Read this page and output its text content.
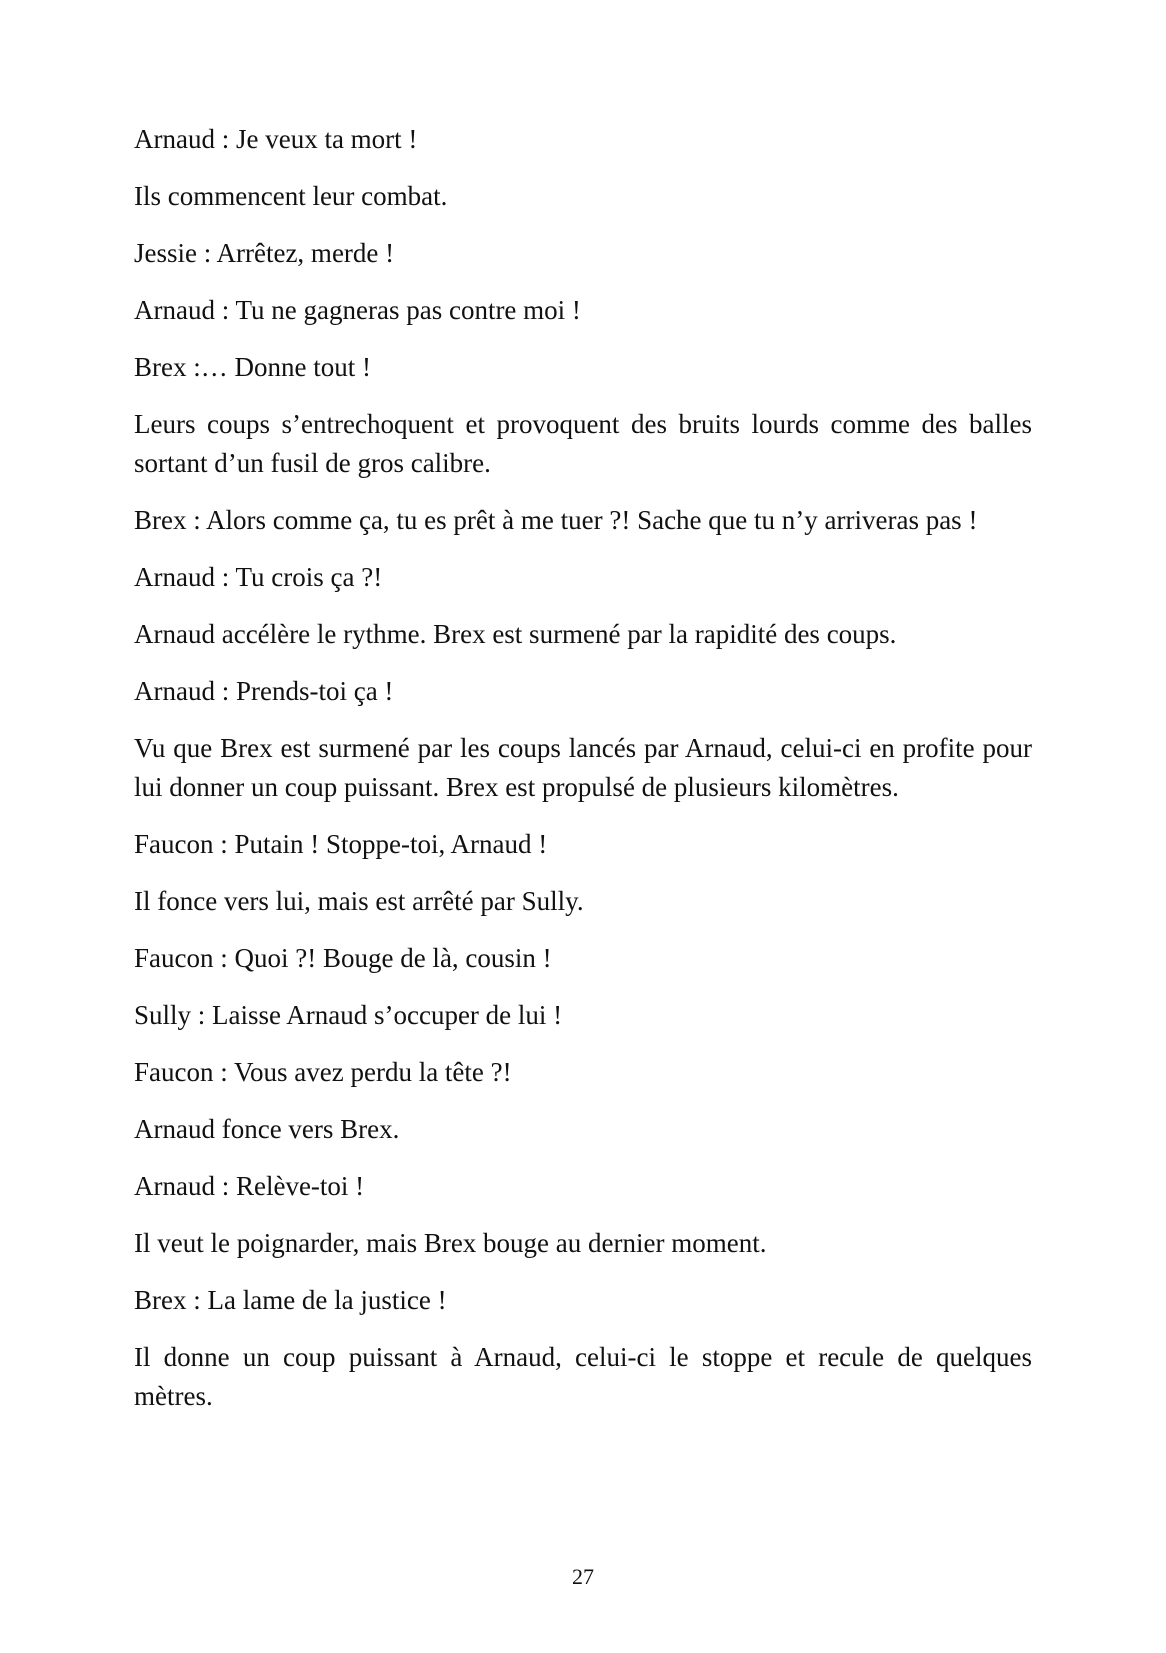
Arnaud : Je veux ta mort !

Ils commencent leur combat.

Jessie : Arrêtez, merde !

Arnaud : Tu ne gagneras pas contre moi !

Brex :… Donne tout !

Leurs coups s’entrechoquent et provoquent des bruits lourds comme des balles sortant d’un fusil de gros calibre.

Brex : Alors comme ça, tu es prêt à me tuer ?! Sache que tu n’y arriveras pas !

Arnaud : Tu crois ça ?!

Arnaud accélère le rythme. Brex est surmené par la rapidité des coups.

Arnaud : Prends-toi ça !

Vu que Brex est surmené par les coups lancés par Arnaud, celui-ci en profite pour lui donner un coup puissant. Brex est propulsé de plusieurs kilomètres.

Faucon : Putain ! Stoppe-toi, Arnaud !

Il fonce vers lui, mais est arrêté par Sully.

Faucon : Quoi ?! Bouge de là, cousin !

Sully : Laisse Arnaud s’occuper de lui !

Faucon : Vous avez perdu la tête ?!

Arnaud fonce vers Brex.

Arnaud : Relève-toi !

Il veut le poignarder, mais Brex bouge au dernier moment.

Brex : La lame de la justice !

Il donne un coup puissant à Arnaud, celui-ci le stoppe et recule de quelques mètres.

27
